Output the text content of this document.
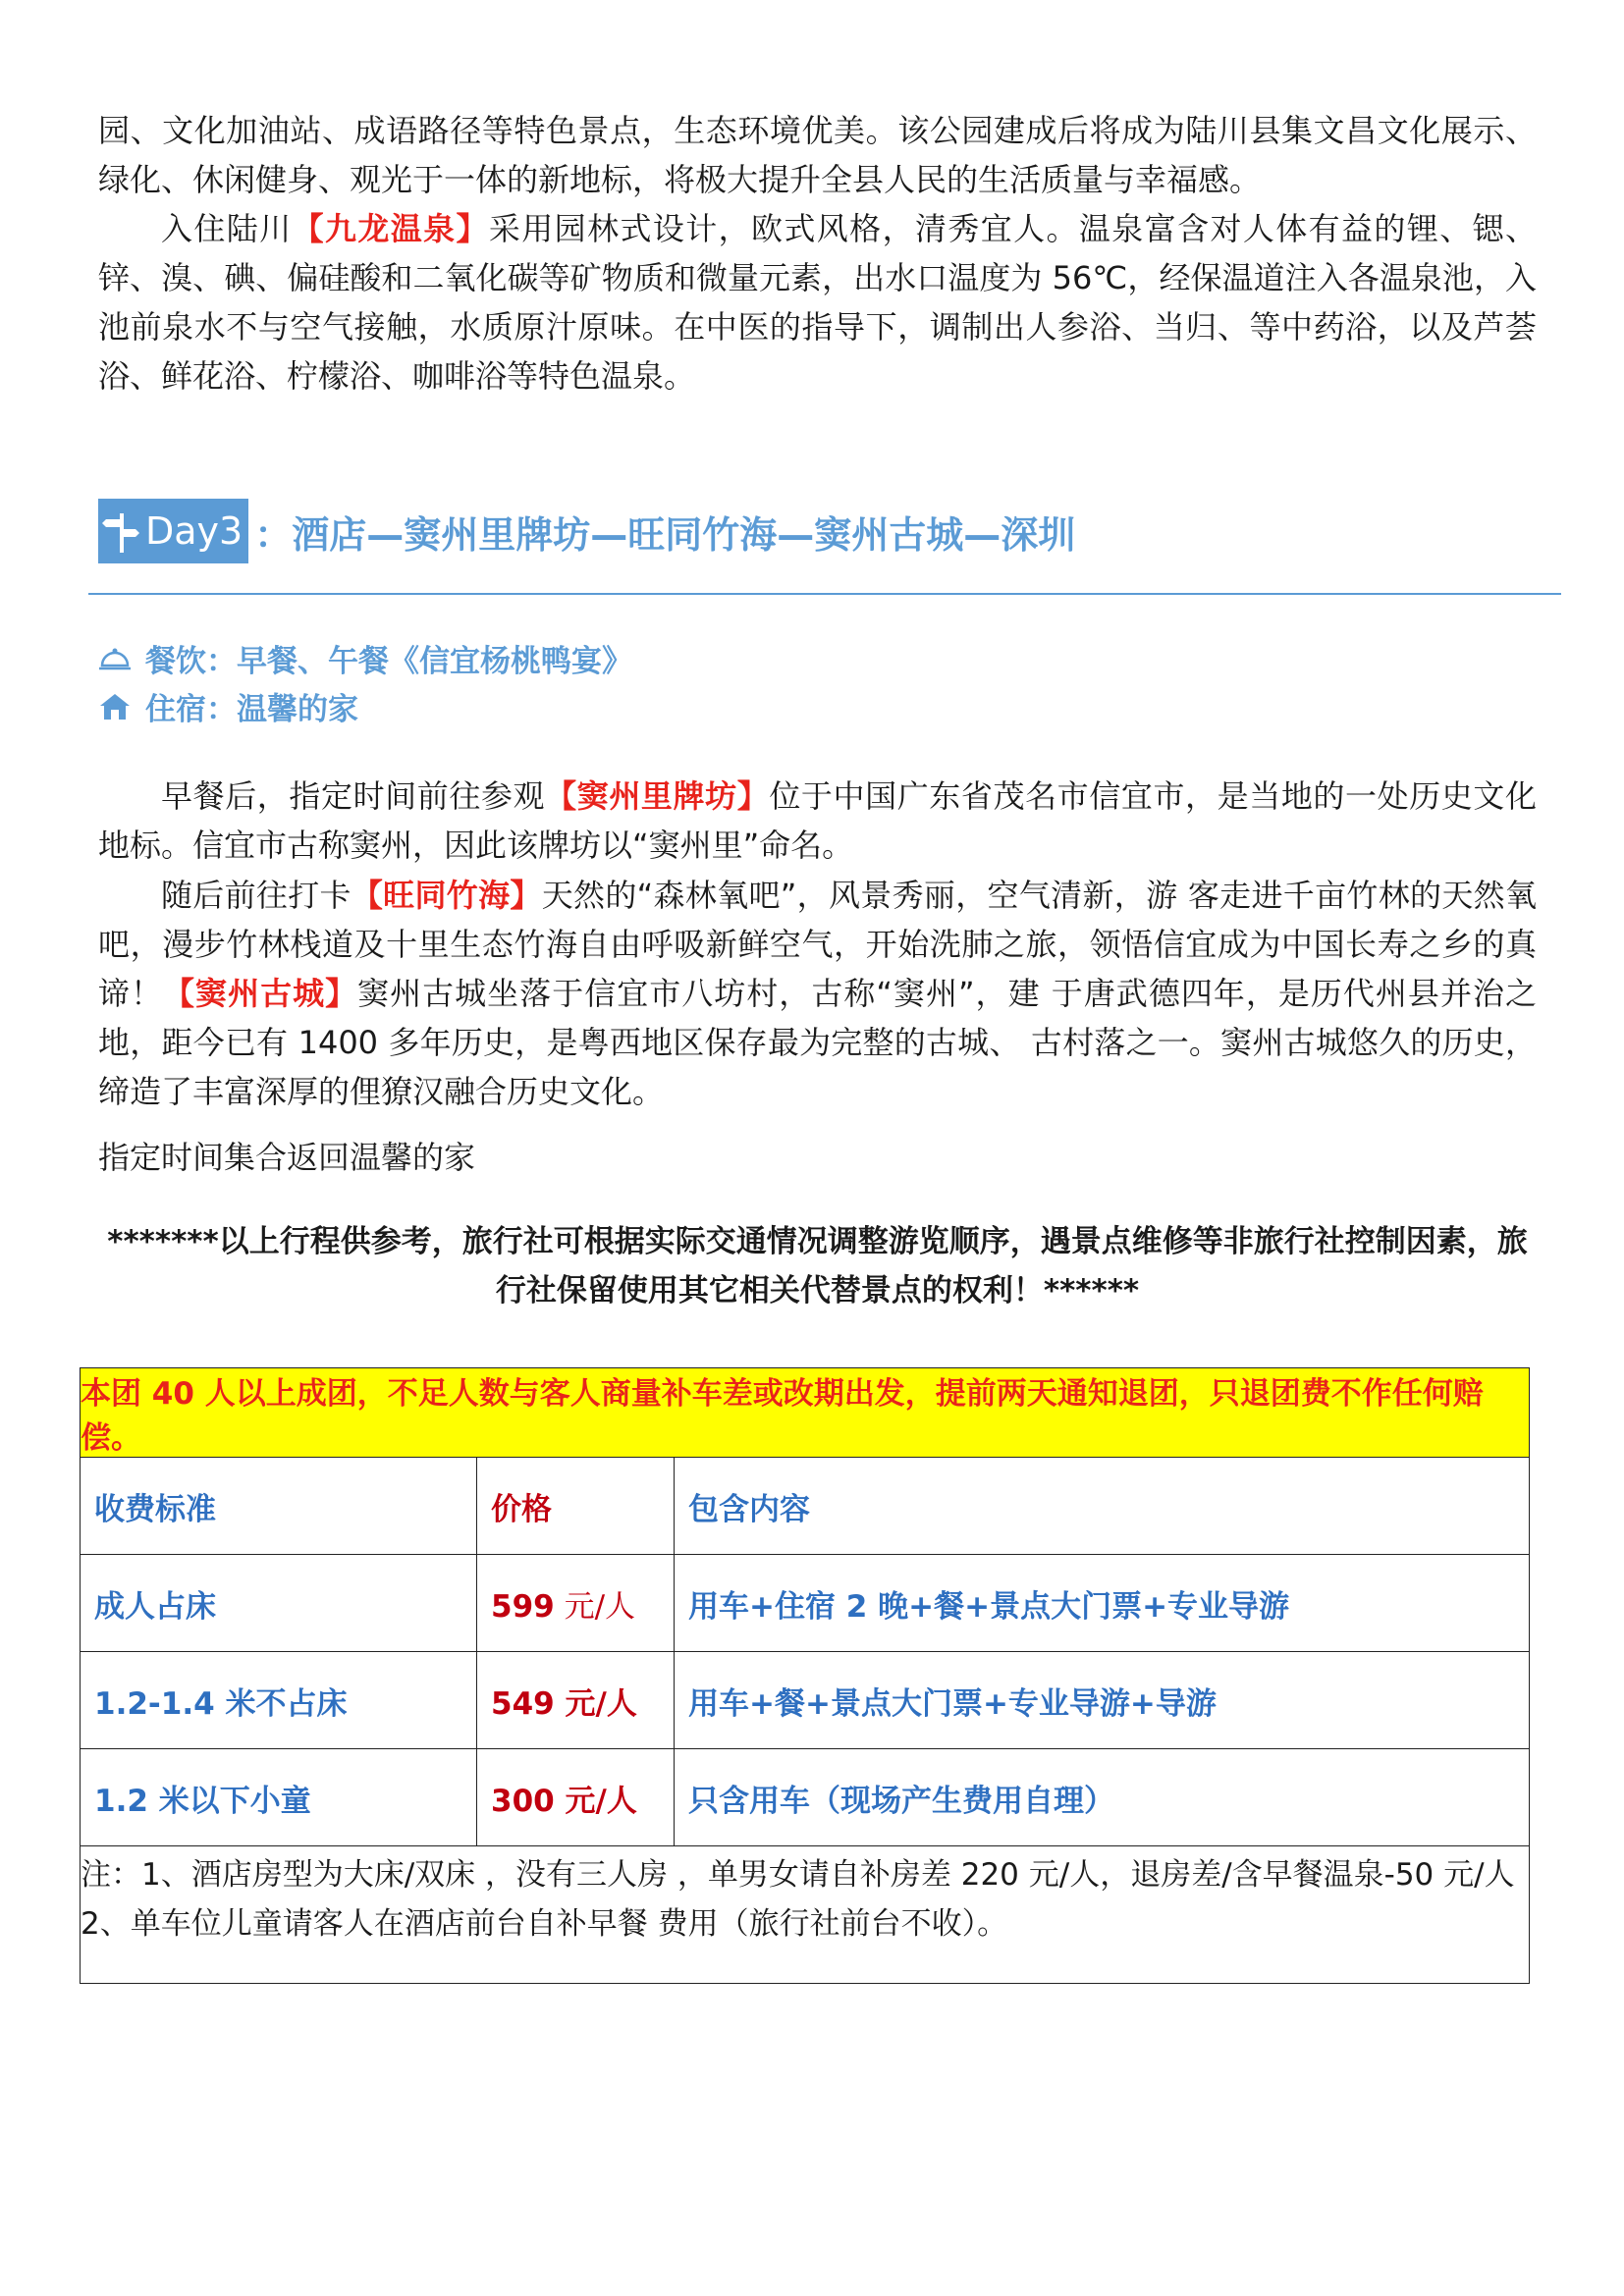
园、文化加油站、成语路径等特色景点，生态环境优美。该公园建成后将成为陆川县集文昌文化展示、绿化、休闲健身、观光于一体的新地标，将极大提升全县人民的生活质量与幸福感。

入住陆川【九龙温泉】采用园林式设计，欧式风格，清秀宜人。温泉富含对人体有益的锂、锶、锌、溴、碘、偏硅酸和二氧化碳等矿物质和微量元素，出水口温度为 56℃，经保温道注入各温泉池，入池前泉水不与空气接触，水质原汁原味。在中医的指导下，调制出人参浴、当归、等中药浴，以及芦荟浴、鲜花浴、柠檬浴、咖啡浴等特色温泉。

Day3 ：酒店—窦州里牌坊—旺同竹海—窦州古城—深圳
餐饮：早餐、午餐《信宜杨桃鸭宴》
住宿：温馨的家

早餐后，指定时间前往参观【窦州里牌坊】位于中国广东省茂名市信宜市，是当地的一处历史文化地标。信宜市古称窦州，因此该牌坊以“窦州里”命名。

随后前往打卡【旺同竹海】天然的“森林氧吧”，风景秀丽，空气清新，游 客走进千亩竹林的天然氧吧，漫步竹林栈道及十里生态竹海自由呼吸新鲜空气，开始洗肺之旅，领悟信宜成为中国长寿之乡的真谛！【窦州古城】窦州古城坐落于信宜市八坊村，古称“窦州”，建 于唐武德四年，是历代州县并治之地，距今已有 1400 多年历史，是粤西地区保存最为完整的古城、 古村落之一。窦州古城悠久的历史，缔造了丰富深厚的俚獠汉融合历史文化。

指定时间集合返回温馨的家

*******以上行程供参考，旅行社可根据实际交通情况调整游览顺序，遇景点维修等非旅行社控制因素，旅行社保留使用其它相关代替景点的权利！******

本团 40 人以上成团，不足人数与客人商量补车差或改期出发，提前两天通知退团，只退团费不作任何赔偿。		
收费标准	价格	包含内容
成人占床	599 元/人	用车+住宿 2 晚+餐+景点大门票+专业导游
1.2-1.4 米不占床	549 元/人	用车+餐+景点大门票+专业导游+导游
1.2 米以下小童	300 元/人	只含用车（现场产生费用自理）

注：1、酒店房型为大床/双床 ，没有三人房 ，单男女请自补房差 220 元/人，退房差/含早餐温泉-50 元/人
2、单车位儿童请客人在酒店前台自补早餐 费用（旅行社前台不收）。		
